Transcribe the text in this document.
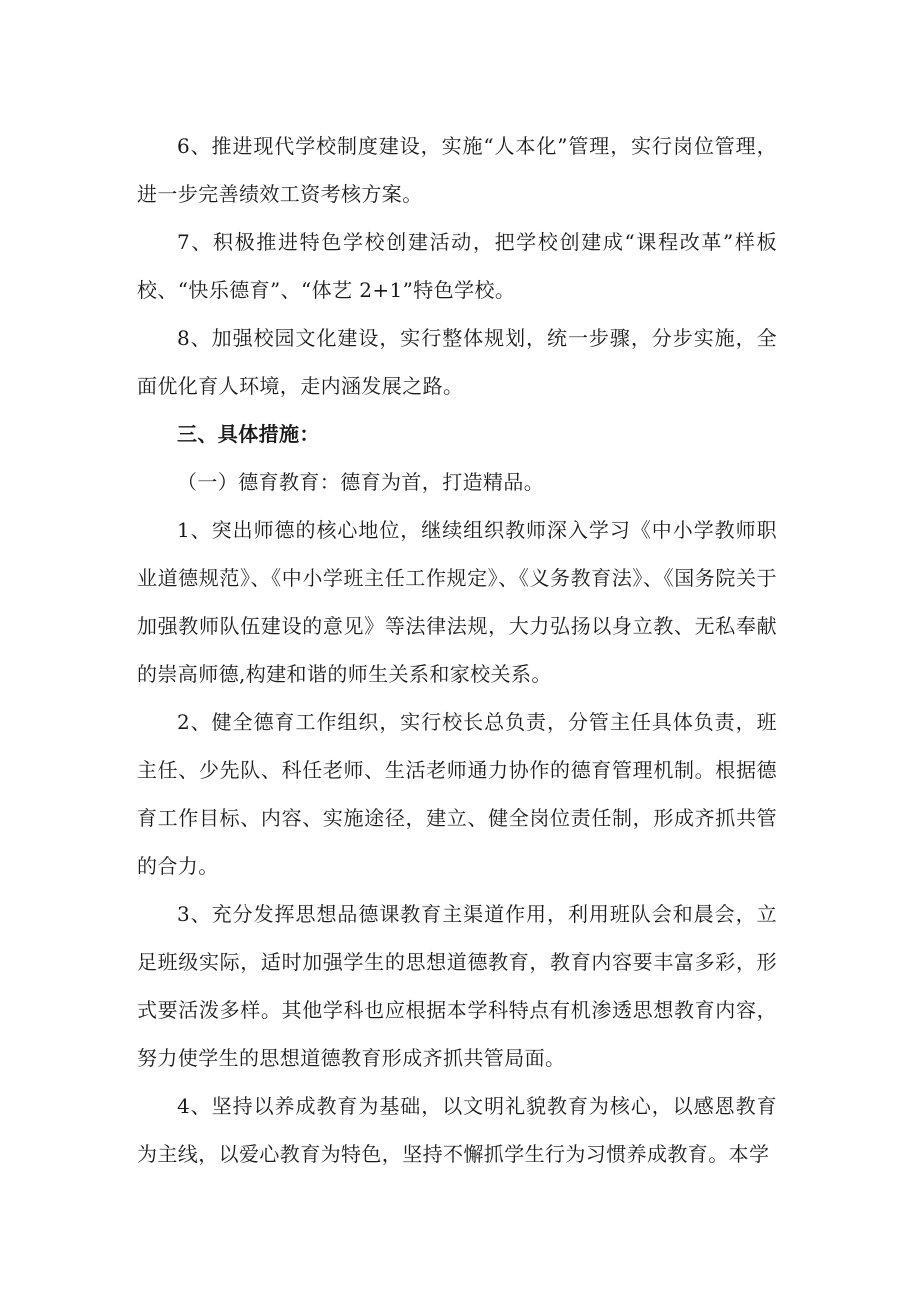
6、推进现代学校制度建设，实施“人本化”管理，实行岗位管理，进一步完善绩效工资考核方案。

7、积极推进特色学校创建活动，把学校创建成“课程改革”样板校、“快乐德育”、“体艺 2+1”特色学校。

8、加强校园文化建设，实行整体规划，统一步骤，分步实施，全面优化育人环境，走内涵发展之路。

三、具体措施：

（一）德育教育：德育为首，打造精品。

1、突出师德的核心地位，继续组织教师深入学习《中小学教师职业道德规范》、《中小学班主任工作规定》、《义务教育法》、《国务院关于加强教师队伍建设的意见》等法律法规，大力弘扬以身立教、无私奉献的崇高师德,构建和谐的师生关系和家校关系。

2、健全德育工作组织，实行校长总负责，分管主任具体负责，班主任、少先队、科任老师、生活老师通力协作的德育管理机制。根据德育工作目标、内容、实施途径，建立、健全岗位责任制，形成齐抓共管的合力。

3、充分发挥思想品德课教育主渠道作用，利用班队会和晨会，立足班级实际，适时加强学生的思想道德教育，教育内容要丰富多彩，形式要活泼多样。其他学科也应根据本学科特点有机渗透思想教育内容，努力使学生的思想道德教育形成齐抓共管局面。

4、坚持以养成教育为基础，以文明礼貌教育为核心，以感恩教育为主线，以爱心教育为特色，坚持不懈抓学生行为习惯养成教育。本学
